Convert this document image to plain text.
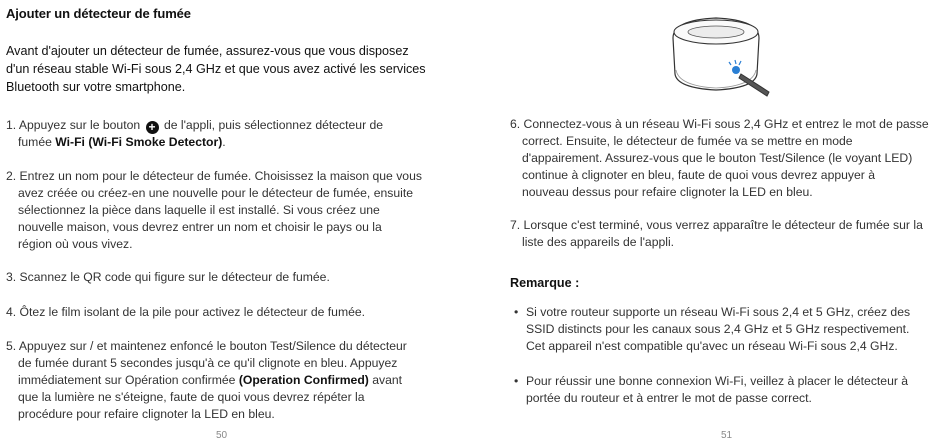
Ajouter un détecteur de fumée
Avant d'ajouter un détecteur de fumée, assurez-vous que vous disposez
d'un réseau stable Wi-Fi sous 2,4 GHz et que vous avez activé les services
Bluetooth sur votre smartphone.
1. Appuyez sur le bouton + de l'appli, puis sélectionnez détecteur de
fumée Wi-Fi (Wi-Fi Smoke Detector).
2. Entrez un nom pour le détecteur de fumée. Choisissez la maison que vous
avez créée ou créez-en une nouvelle pour le détecteur de fumée, ensuite
sélectionnez la pièce dans laquelle il est installé. Si vous créez une
nouvelle maison, vous devrez entrer un nom et choisir le pays ou la
région où vous vivez.
3. Scannez le QR code qui figure sur le détecteur de fumée.
4. Ôtez le film isolant de la pile pour activez le détecteur de fumée.
5. Appuyez sur / et maintenez enfoncé le bouton Test/Silence du détecteur
de fumée durant 5 secondes jusqu'à ce qu'il clignote en bleu. Appuyez
immédiatement sur Opération confirmée (Operation Confirmed) avant
que la lumière ne s'éteigne, faute de quoi vous devrez répéter la
procédure pour refaire clignoter la LED en bleu.
50
6. Connectez-vous à un réseau Wi-Fi sous 2,4 GHz et entrez le mot de passe
correct. Ensuite, le détecteur de fumée va se mettre en mode
d'appairement. Assurez-vous que le bouton Test/Silence (le voyant LED)
continue à clignoter en bleu, faute de quoi vous devrez appuyer à
nouveau dessus pour refaire clignoter la LED en bleu.
7. Lorsque c'est terminé, vous verrez apparaître le détecteur de fumée sur la
liste des appareils de l'appli.
Remarque :
• Si votre routeur supporte un réseau Wi-Fi sous 2,4 et 5 GHz, créez des
SSID distincts pour les canaux sous 2,4 GHz et 5 GHz respectivement.
Cet appareil n'est compatible qu'avec un réseau Wi-Fi sous 2,4 GHz.
• Pour réussir une bonne connexion Wi-Fi, veillez à placer le détecteur à
portée du routeur et à entrer le mot de passe correct.
51
